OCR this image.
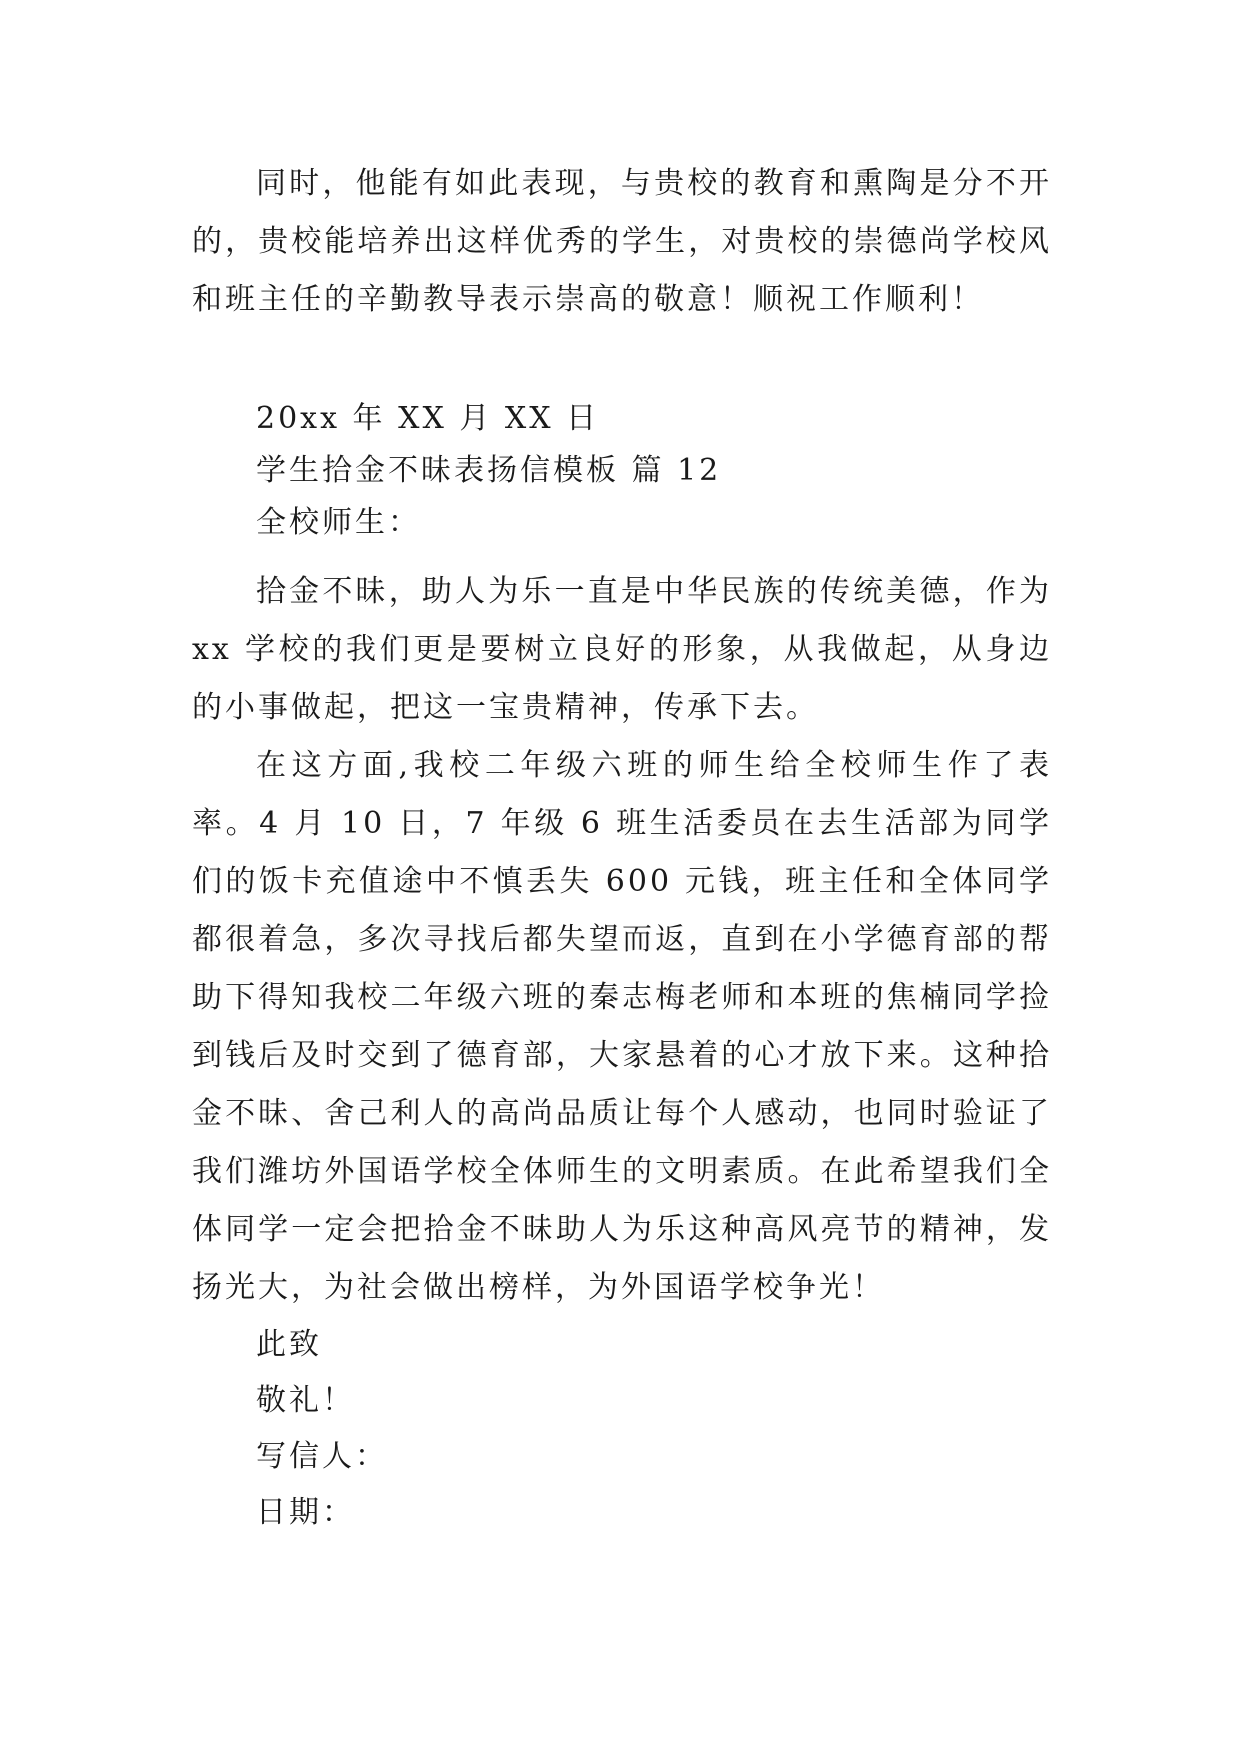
同时，他能有如此表现，与贵校的教育和熏陶是分不开的，贵校能培养出这样优秀的学生，对贵校的崇德尚学校风和班主任的辛勤教导表示崇高的敬意！顺祝工作顺利！

20xx 年 XX 月 XX 日

学生拾金不昧表扬信模板 篇 12

全校师生：

拾金不昧，助人为乐一直是中华民族的传统美德，作为 xx 学校的我们更是要树立良好的形象，从我做起，从身边的小事做起，把这一宝贵精神，传承下去。

在这方面,我校二年级六班的师生给全校师生作了表率。4 月 10 日，7 年级 6 班生活委员在去生活部为同学们的饭卡充值途中不慎丢失 600 元钱，班主任和全体同学都很着急，多次寻找后都失望而返，直到在小学德育部的帮助下得知我校二年级六班的秦志梅老师和本班的焦楠同学捡到钱后及时交到了德育部，大家悬着的心才放下来。这种拾金不昧、舍己利人的高尚品质让每个人感动，也同时验证了我们潍坊外国语学校全体师生的文明素质。在此希望我们全体同学一定会把拾金不昧助人为乐这种高风亮节的精神，发扬光大，为社会做出榜样，为外国语学校争光！

此致

敬礼！

写信人：

日期：
